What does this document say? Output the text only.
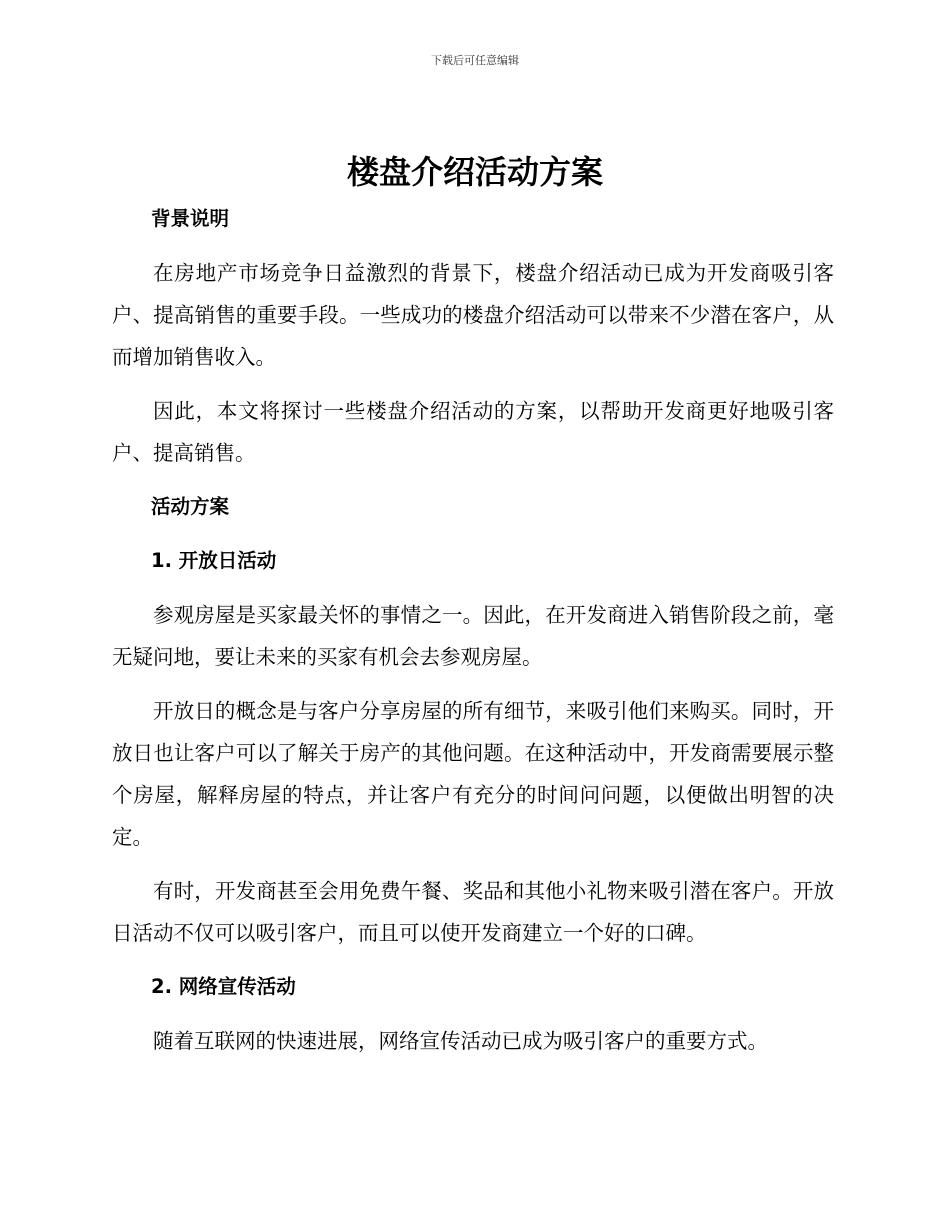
下载后可任意编辑
楼盘介绍活动方案

背景说明

在房地产市场竞争日益激烈的背景下，楼盘介绍活动已成为开发商吸引客户、提高销售的重要手段。一些成功的楼盘介绍活动可以带来不少潜在客户，从而增加销售收入。

因此，本文将探讨一些楼盘介绍活动的方案，以帮助开发商更好地吸引客户、提高销售。

活动方案

1. 开放日活动

参观房屋是买家最关怀的事情之一。因此，在开发商进入销售阶段之前，毫无疑问地，要让未来的买家有机会去参观房屋。

开放日的概念是与客户分享房屋的所有细节，来吸引他们来购买。同时，开放日也让客户可以了解关于房产的其他问题。在这种活动中，开发商需要展示整个房屋，解释房屋的特点，并让客户有充分的时间问问题，以便做出明智的决定。

有时，开发商甚至会用免费午餐、奖品和其他小礼物来吸引潜在客户。开放日活动不仅可以吸引客户，而且可以使开发商建立一个好的口碑。

2. 网络宣传活动

随着互联网的快速进展，网络宣传活动已成为吸引客户的重要方式。
